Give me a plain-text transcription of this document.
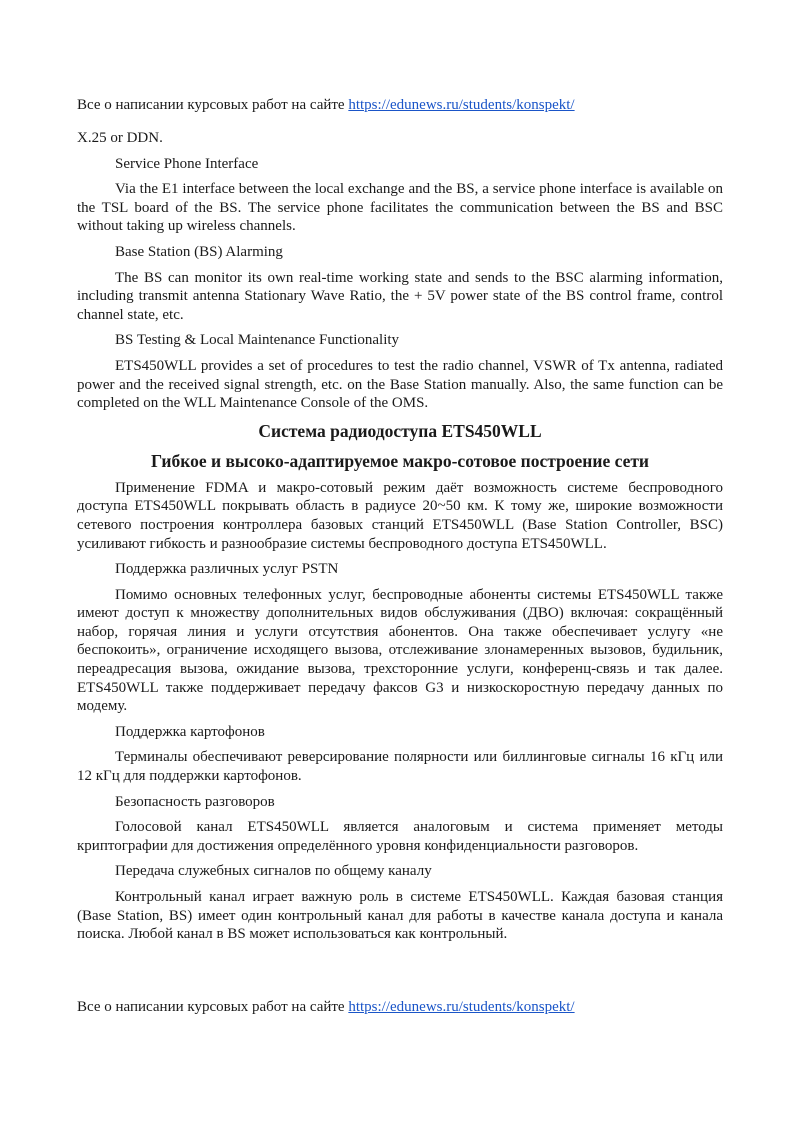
Все о написании курсовых работ на сайте https://edunews.ru/students/konspekt/

X.25 or DDN.

Service Phone Interface

Via the E1 interface between the local exchange and the BS, a service phone interface is available on the TSL board of the BS. The service phone facilitates the communication between the BS and BSC without taking up wireless channels.

Base Station (BS) Alarming

The BS can monitor its own real-time working state and sends to the BSC alarming information, including transmit antenna Stationary Wave Ratio, the + 5V power state of the BS control frame, control channel state, etc.

BS Testing & Local Maintenance Functionality

ETS450WLL provides a set of procedures to test the radio channel, VSWR of Tx antenna, radiated power and the received signal strength, etc. on the Base Station manually. Also, the same function can be completed on the WLL Maintenance Console of the OMS.

Система радиодоступа ETS450WLL
Гибкое и высоко-адаптируемое макро-сотовое построение сети

Применение FDMA и макро-сотовый режим даёт возможность системе беспроводного доступа ETS450WLL покрывать область в радиусе 20~50 км. К тому же, широкие возможности сетевого построения контроллера базовых станций ETS450WLL (Base Station Controller, BSC) усиливают гибкость и разнообразие системы беспроводного доступа ETS450WLL.

Поддержка различных услуг PSTN

Помимо основных телефонных услуг, беспроводные абоненты системы ETS450WLL также имеют доступ к множеству дополнительных видов обслуживания (ДВО) включая: сокращённый набор, горячая линия и услуги отсутствия абонентов. Она также обеспечивает услугу «не беспокоить», ограничение исходящего вызова, отслеживание злонамеренных вызовов, будильник, переадресация вызова, ожидание вызова, трехсторонние услуги, конференц-связь и так далее. ETS450WLL также поддерживает передачу факсов G3 и низкоскоростную передачу данных по модему.

Поддержка картофонов

Терминалы обеспечивают реверсирование полярности или биллинговые сигналы 16 кГц или 12 кГц для поддержки картофонов.

Безопасность разговоров

Голосовой канал ETS450WLL является аналоговым и система применяет методы криптографии для достижения определённого уровня конфиденциальности разговоров.

Передача служебных сигналов по общему каналу

Контрольный канал играет важную роль в системе ETS450WLL. Каждая базовая станция (Base Station, BS) имеет один контрольный канал для работы в качестве канала доступа и канала поиска. Любой канал в BS может использоваться как контрольный.

Все о написании курсовых работ на сайте https://edunews.ru/students/konspekt/
